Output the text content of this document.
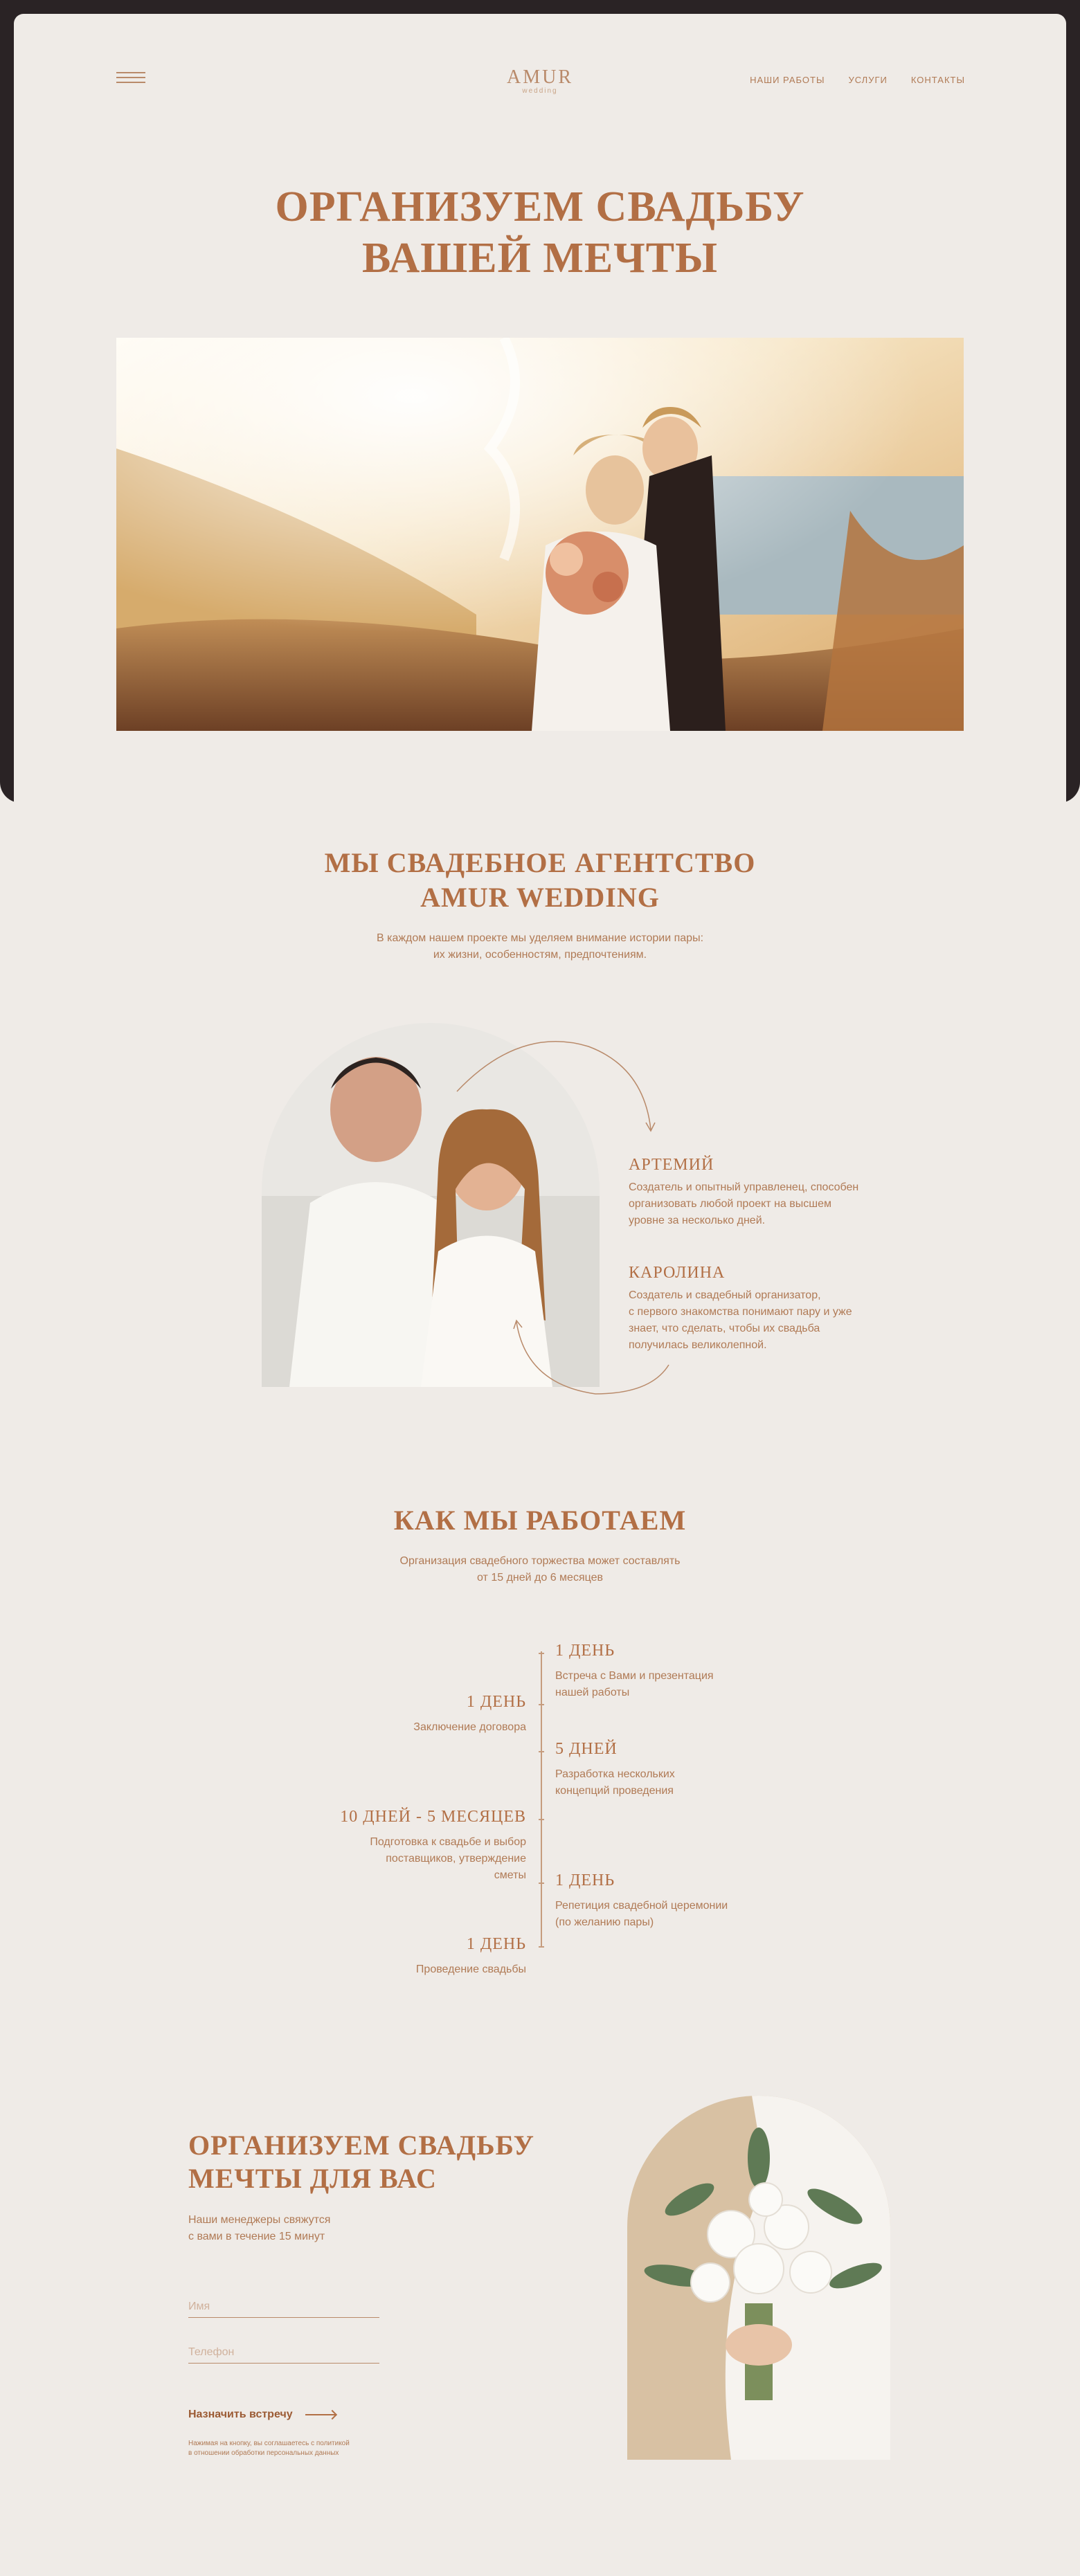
AMUR
wedding
НАШИ РАБОТЫ	УСЛУГИ	КОНТАКТЫ
ОРГАНИЗУЕМ СВАДЬБУ
ВАШЕЙ МЕЧТЫ
МЫ СВАДЕБНОЕ АГЕНТСТВО
AMUR WEDDING
В каждом нашем проекте мы уделяем внимание истории пары:
их жизни, особенностям, предпочтениям.
АРТЕМИЙ
Создатель и опытный управленец, способен
организовать любой проект на высшем
уровне за несколько дней.
КАРОЛИНА
Создатель и свадебный организатор,
с первого знакомства понимают пару и уже
знает, что сделать, чтобы их свадьба
получилась великолепной.
КАК МЫ РАБОТАЕМ
Организация свадебного торжества может составлять
от 15 дней до 6 месяцев
1 ДЕНЬ
Встреча с Вами и презентация
нашей работы
1 ДЕНЬ
Заключение договора
5 ДНЕЙ
Разработка нескольких
концепций проведения
10 ДНЕЙ - 5 МЕСЯЦЕВ
Подготовка к свадьбе и выбор
поставщиков, утверждение
сметы 1 ДЕНЬ
Репетиция свадебной церемонии
(по желанию пары)
1 ДЕНЬ
Проведение свадьбы
ОРГАНИЗУЕМ СВАДЬБУ
МЕЧТЫ ДЛЯ ВАС
Наши менеджеры свяжутся
с вами в течение 15 минут
Имя
Телефон
Назначить встречу
Нажимая на кнопку, вы соглашаетесь с политикой
в отношении обработки персональных данных
